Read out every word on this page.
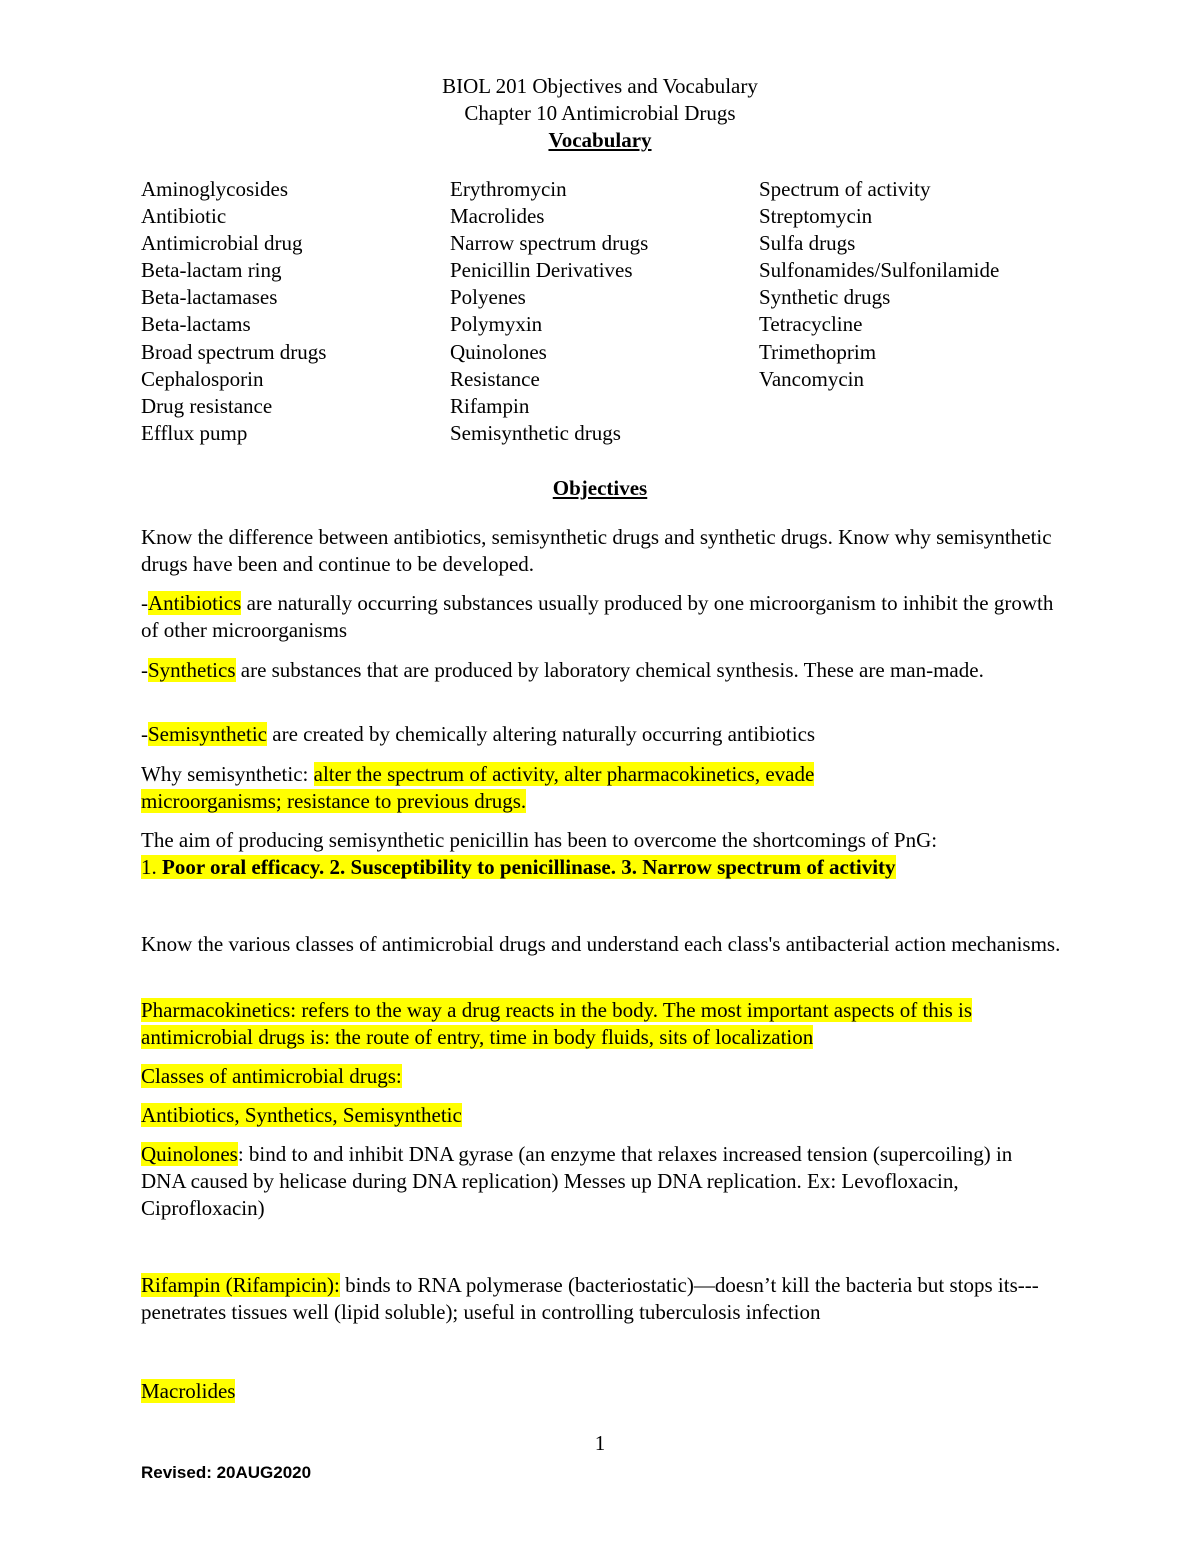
BIOL 201 Objectives and Vocabulary
Chapter 10 Antimicrobial Drugs
Vocabulary
Aminoglycosides
Antibiotic
Antimicrobial drug
Beta-lactam ring
Beta-lactamases
Beta-lactams
Broad spectrum drugs
Cephalosporin
Drug resistance
Efflux pump
Erythromycin
Macrolides
Narrow spectrum drugs
Penicillin Derivatives
Polyenes
Polymyxin
Quinolones
Resistance
Rifampin
Semisynthetic drugs
Spectrum of activity
Streptomycin
Sulfa drugs
Sulfonamides/Sulfonilamide
Synthetic drugs
Tetracycline
Trimethoprim
Vancomycin
Objectives
Know the difference between antibiotics, semisynthetic drugs and synthetic drugs. Know why semisynthetic drugs have been and continue to be developed.
-Antibiotics are naturally occurring substances usually produced by one microorganism to inhibit the growth of other microorganisms
-Synthetics are substances that are produced by laboratory chemical synthesis. These are man-made.
-Semisynthetic are created by chemically altering naturally occurring antibiotics
Why semisynthetic: alter the spectrum of activity, alter pharmacokinetics, evade microorganisms; resistance to previous drugs.
The aim of producing semisynthetic penicillin has been to overcome the shortcomings of PnG:
1. Poor oral efficacy. 2. Susceptibility to penicillinase. 3. Narrow spectrum of activity
Know the various classes of antimicrobial drugs and understand each class's antibacterial action mechanisms.
Pharmacokinetics: refers to the way a drug reacts in the body. The most important aspects of this is antimicrobial drugs is: the route of entry, time in body fluids, sits of localization
Classes of antimicrobial drugs:
Antibiotics, Synthetics, Semisynthetic
Quinolones: bind to and inhibit DNA gyrase (an enzyme that relaxes increased tension (supercoiling) in DNA caused by helicase during DNA replication) Messes up DNA replication. Ex: Levofloxacin, Ciprofloxacin)
Rifampin (Rifampicin): binds to RNA polymerase (bacteriostatic)—doesn’t kill the bacteria but stops its---penetrates tissues well (lipid soluble); useful in controlling tuberculosis infection
Macrolides
1
Revised: 20AUG2020
